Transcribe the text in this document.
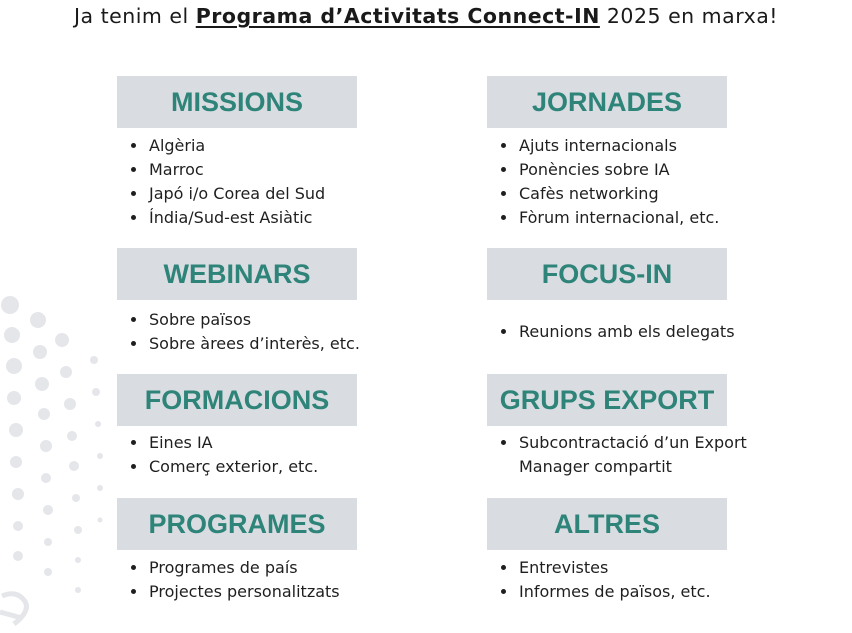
Ja tenim el Programa d’Activitats Connect-IN 2025 en marxa!
MISSIONS
Algèria
Marroc
Japó i/o Corea del Sud
Índia/Sud-est Asiàtic
JORNADES
Ajuts internacionals
Ponències sobre IA
Cafès networking
Fòrum internacional, etc.
WEBINARS
Sobre països
Sobre àrees d’interès, etc.
FOCUS-IN
Reunions amb els delegats
FORMACIONS
Eines IA
Comerç exterior, etc.
GRUPS EXPORT
Subcontractació d’un Export
Manager compartit
PROGRAMES
Programes de país
Projectes personalitzats
ALTRES
Entrevistes
Informes de països, etc.
